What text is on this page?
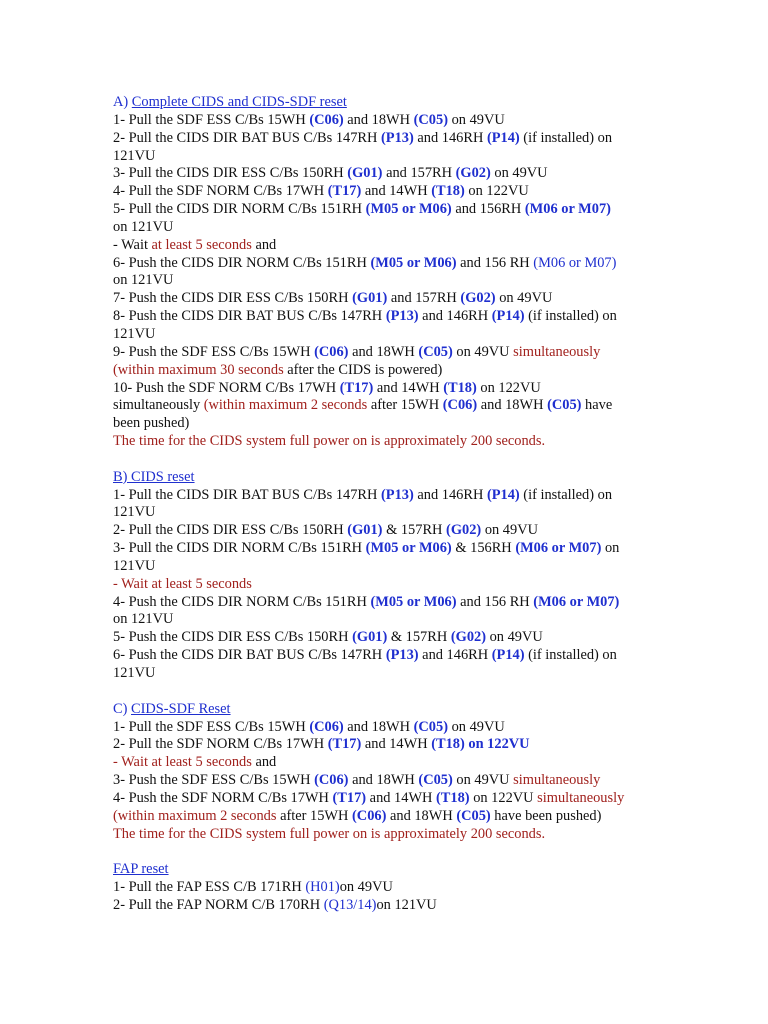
A) Complete CIDS and CIDS-SDF reset
1- Pull the SDF ESS C/Bs 15WH (C06) and 18WH (C05) on 49VU
2- Pull the CIDS DIR BAT BUS C/Bs 147RH (P13) and 146RH (P14) (if installed) on
121VU
3- Pull the CIDS DIR ESS C/Bs 150RH (G01) and 157RH (G02) on 49VU
4- Pull the SDF NORM C/Bs 17WH (T17) and 14WH (T18) on 122VU
5- Pull the CIDS DIR NORM C/Bs 151RH (M05 or M06) and 156RH (M06 or M07)
on 121VU
- Wait at least 5 seconds and
6- Push the CIDS DIR NORM C/Bs 151RH (M05 or M06) and 156 RH (M06 or M07)
on 121VU
7- Push the CIDS DIR ESS C/Bs 150RH (G01) and 157RH (G02) on 49VU
8- Push the CIDS DIR BAT BUS C/Bs 147RH (P13) and 146RH (P14) (if installed) on
121VU
9- Push the SDF ESS C/Bs 15WH (C06) and 18WH (C05) on 49VU simultaneously
(within maximum 30 seconds after the CIDS is powered)
10- Push the SDF NORM C/Bs 17WH (T17) and 14WH (T18) on 122VU
simultaneously (within maximum 2 seconds after 15WH (C06) and 18WH (C05) have
been pushed)
The time for the CIDS system full power on is approximately 200 seconds.
B) CIDS reset
1- Pull the CIDS DIR BAT BUS C/Bs 147RH (P13) and 146RH (P14) (if installed) on
121VU
2- Pull the CIDS DIR ESS C/Bs 150RH (G01) & 157RH (G02) on 49VU
3- Pull the CIDS DIR NORM C/Bs 151RH (M05 or M06) & 156RH (M06 or M07) on
121VU
- Wait at least 5 seconds
4- Push the CIDS DIR NORM C/Bs 151RH (M05 or M06) and 156 RH (M06 or M07)
on 121VU
5- Push the CIDS DIR ESS C/Bs 150RH (G01) & 157RH (G02) on 49VU
6- Push the CIDS DIR BAT BUS C/Bs 147RH (P13) and 146RH (P14) (if installed) on
121VU
C) CIDS-SDF Reset
1- Pull the SDF ESS C/Bs 15WH (C06) and 18WH (C05) on 49VU
2- Pull the SDF NORM C/Bs 17WH (T17) and 14WH (T18) on 122VU
- Wait at least 5 seconds and
3- Push the SDF ESS C/Bs 15WH (C06) and 18WH (C05) on 49VU simultaneously
4- Push the SDF NORM C/Bs 17WH (T17) and 14WH (T18) on 122VU simultaneously
(within maximum 2 seconds after 15WH (C06) and 18WH (C05) have been pushed)
The time for the CIDS system full power on is approximately 200 seconds.
FAP reset
1- Pull the FAP ESS C/B 171RH (H01)on 49VU
2- Pull the FAP NORM C/B 170RH (Q13/14)on 121VU
